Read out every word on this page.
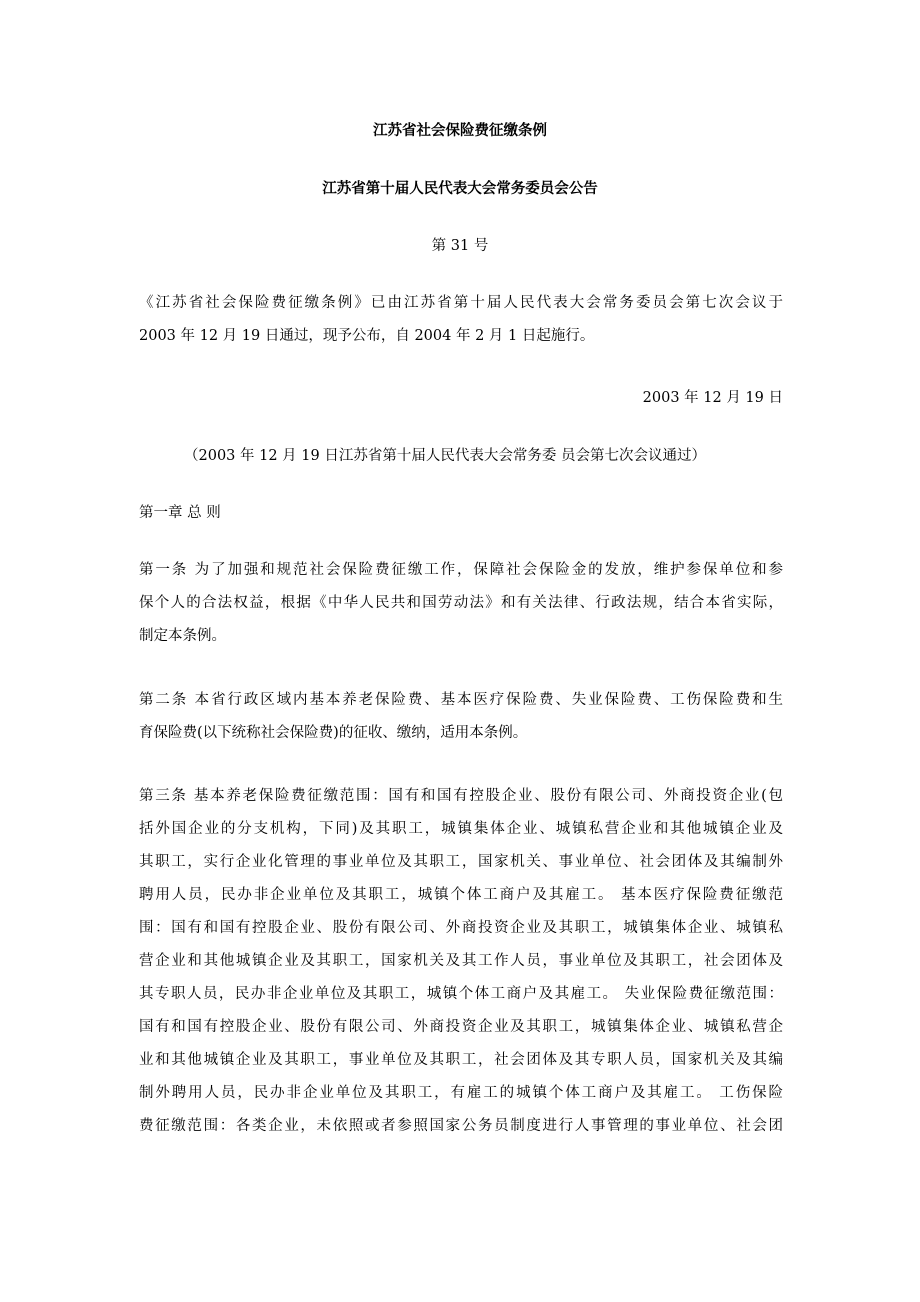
江苏省社会保险费征缴条例
江苏省第十届人民代表大会常务委员会公告
第 31 号
《江苏省社会保险费征缴条例》已由江苏省第十届人民代表大会常务委员会第七次会议于
2003 年 12 月 19 日通过，现予公布，自 2004 年 2 月 1 日起施行。
2003 年 12 月 19 日
（2003 年 12 月 19 日江苏省第十届人民代表大会常务委 员会第七次会议通过）
第一章 总 则
第一条 为了加强和规范社会保险费征缴工作，保障社会保险金的发放，维护参保单位和参
保个人的合法权益，根据《中华人民共和国劳动法》和有关法律、行政法规，结合本省实际，
制定本条例。
第二条 本省行政区域内基本养老保险费、基本医疗保险费、失业保险费、工伤保险费和生
育保险费(以下统称社会保险费)的征收、缴纳，适用本条例。
第三条 基本养老保险费征缴范围：国有和国有控股企业、股份有限公司、外商投资企业(包
括外国企业的分支机构，下同)及其职工，城镇集体企业、城镇私营企业和其他城镇企业及
其职工，实行企业化管理的事业单位及其职工，国家机关、事业单位、社会团体及其编制外
聘用人员，民办非企业单位及其职工，城镇个体工商户及其雇工。 基本医疗保险费征缴范
围：国有和国有控股企业、股份有限公司、外商投资企业及其职工，城镇集体企业、城镇私
营企业和其他城镇企业及其职工，国家机关及其工作人员，事业单位及其职工，社会团体及
其专职人员，民办非企业单位及其职工，城镇个体工商户及其雇工。 失业保险费征缴范围：
国有和国有控股企业、股份有限公司、外商投资企业及其职工，城镇集体企业、城镇私营企
业和其他城镇企业及其职工，事业单位及其职工，社会团体及其专职人员，国家机关及其编
制外聘用人员，民办非企业单位及其职工，有雇工的城镇个体工商户及其雇工。 工伤保险
费征缴范围：各类企业，未依照或者参照国家公务员制度进行人事管理的事业单位、社会团
